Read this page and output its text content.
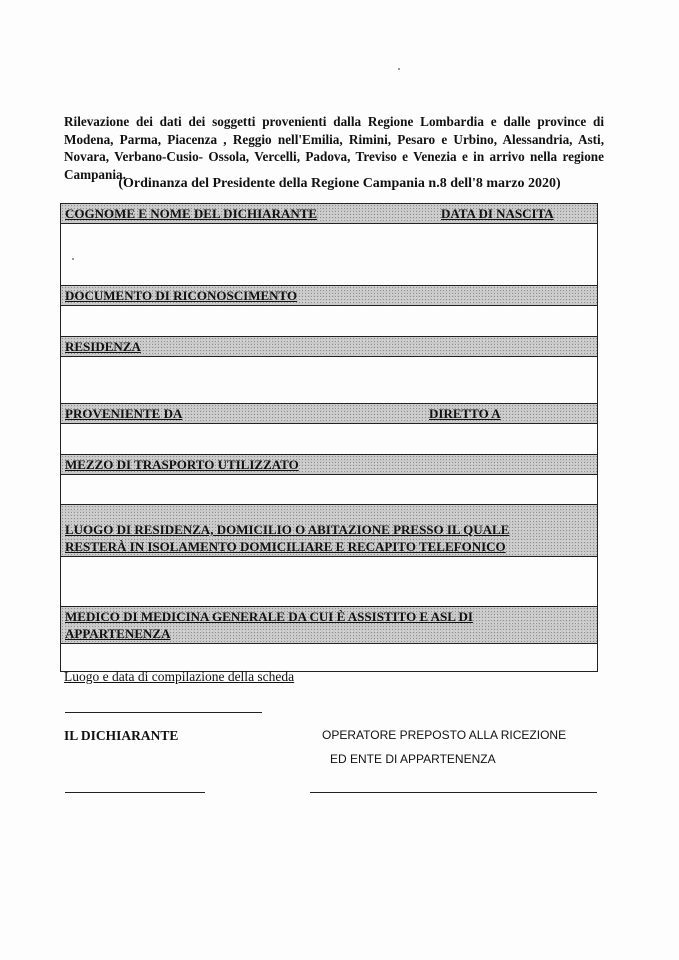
Rilevazione dei dati dei soggetti provenienti dalla Regione Lombardia e dalle province di Modena, Parma, Piacenza , Reggio nell'Emilia, Rimini, Pesaro e Urbino, Alessandria, Asti, Novara, Verbano-Cusio- Ossola, Vercelli, Padova, Treviso e Venezia e in arrivo nella regione Campania.

(Ordinanza del Presidente della Regione Campania n.8 dell'8 marzo 2020)
COGNOME E NOME DEL DICHIARANTE	DATA DI NASCITA
DOCUMENTO DI RICONOSCIMENTO
RESIDENZA
PROVENIENTE DA	DIRETTO A
MEZZO DI TRASPORTO UTILIZZATO
LUOGO DI RESIDENZA, DOMICILIO O ABITAZIONE PRESSO IL QUALE
RESTERÀ IN ISOLAMENTO DOMICILIARE E RECAPITO TELEFONICO
MEDICO DI MEDICINA GENERALE DA CUI È ASSISTITO E ASL DI
APPARTENENZA
Luogo e data di compilazione della scheda
IL DICHIARANTE	OPERATORE PREPOSTO ALLA RICEZIONE
ED ENTE DI APPARTENENZA
